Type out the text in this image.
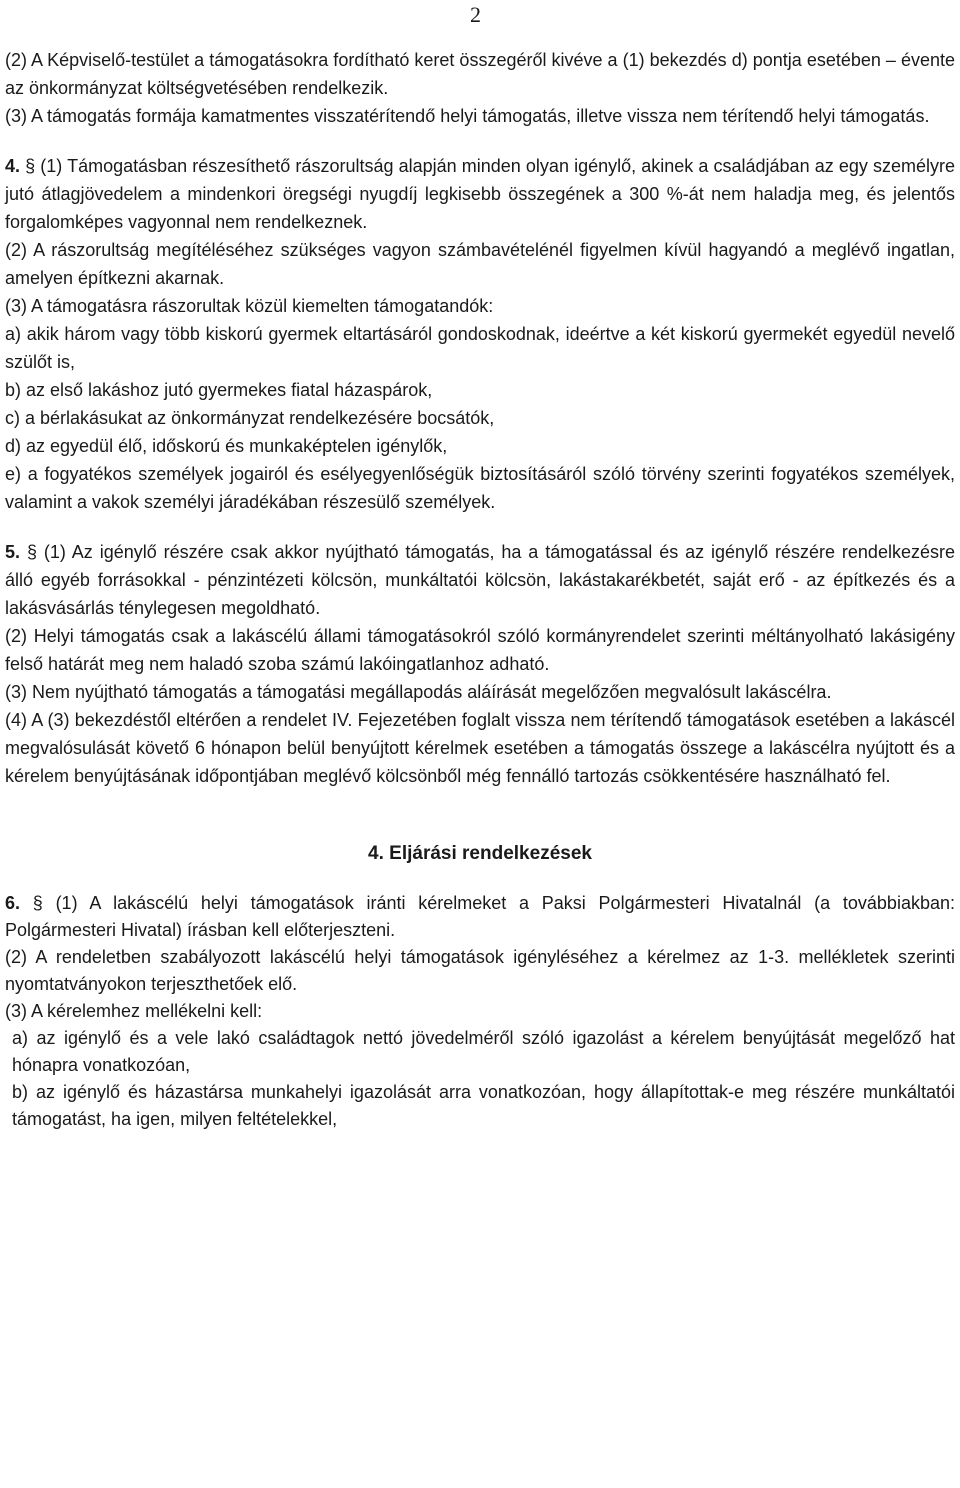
2

(2) A Képviselő-testület a támogatásokra fordítható keret összegéről kivéve a (1) bekezdés d) pontja esetében – évente az önkormányzat költségvetésében rendelkezik.

(3) A támogatás formája kamatmentes visszatérítendő helyi támogatás, illetve vissza nem térítendő helyi támogatás.

4. § (1) Támogatásban részesíthető rászorultság alapján minden olyan igénylő, akinek a családjában az egy személyre jutó átlagjövedelem a mindenkori öregségi nyugdíj legkisebb összegének a 300 %-át nem haladja meg, és jelentős forgalomképes vagyonnal nem rendelkeznek.

(2) A rászorultság megítéléséhez szükséges vagyon számbavételénél figyelmen kívül hagyandó a meglévő ingatlan, amelyen építkezni akarnak.

(3) A támogatásra rászorultak közül kiemelten támogatandók:

a) akik három vagy több kiskorú gyermek eltartásáról gondoskodnak, ideértve a két kiskorú gyermekét egyedül nevelő szülőt is,

b) az első lakáshoz jutó gyermekes fiatal házaspárok,

c) a bérlakásukat az önkormányzat rendelkezésére bocsátók,

d) az egyedül élő, időskorú és munkaképtelen igénylők,

e) a fogyatékos személyek jogairól és esélyegyenlőségük biztosításáról szóló törvény szerinti fogyatékos személyek, valamint a vakok személyi járadékában részesülő személyek.

5. § (1) Az igénylő részére csak akkor nyújtható támogatás, ha a támogatással és az igénylő részére rendelkezésre álló egyéb forrásokkal - pénzintézeti kölcsön, munkáltatói kölcsön, lakástakarékbetét, saját erő - az építkezés és a lakásvásárlás ténylegesen megoldható.

(2) Helyi támogatás csak a lakáscélú állami támogatásokról szóló kormányrendelet szerinti méltányolható lakásigény felső határát meg nem haladó szoba számú lakóingatlanhoz adható.

(3) Nem nyújtható támogatás a támogatási megállapodás aláírását megelőzően megvalósult lakáscélra.

(4) A (3) bekezdéstől eltérően a rendelet IV. Fejezetében foglalt vissza nem térítendő támogatások esetében a lakáscél megvalósulását követő 6 hónapon belül benyújtott kérelmek esetében a támogatás összege a lakáscélra nyújtott és a kérelem benyújtásának időpontjában meglévő kölcsönből még fennálló tartozás csökkentésére használható fel.

4. Eljárási rendelkezések

6. § (1) A lakáscélú helyi támogatások iránti kérelmeket a Paksi Polgármesteri Hivatalnál (a továbbiakban: Polgármesteri Hivatal) írásban kell előterjeszteni.

(2) A rendeletben szabályozott lakáscélú helyi támogatások igényléséhez a kérelmez az 1-3. mellékletek szerinti nyomtatványokon terjeszthetőek elő.

(3) A kérelemhez mellékelni kell:

a) az igénylő és a vele lakó családtagok nettó jövedelméről szóló igazolást a kérelem benyújtását megelőző hat hónapra vonatkozóan,

b) az igénylő és házastársa munkahelyi igazolását arra vonatkozóan, hogy állapítottak-e meg részére munkáltatói támogatást, ha igen, milyen feltételekkel,
